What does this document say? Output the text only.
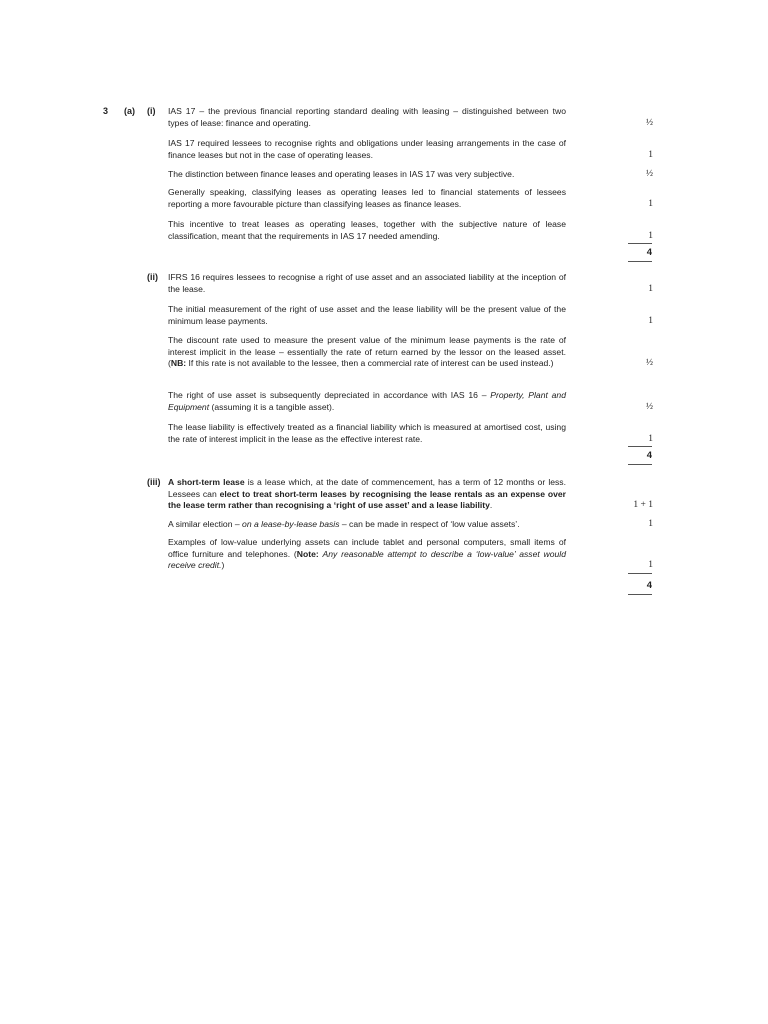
3 (a) (i) IAS 17 – the previous financial reporting standard dealing with leasing – distinguished between two types of lease: finance and operating.	½
IAS 17 required lessees to recognise rights and obligations under leasing arrangements in the case of finance leases but not in the case of operating leases.	1
The distinction between finance leases and operating leases in IAS 17 was very subjective.	½
Generally speaking, classifying leases as operating leases led to financial statements of lessees reporting a more favourable picture than classifying leases as finance leases.	1
This incentive to treat leases as operating leases, together with the subjective nature of lease classification, meant that the requirements in IAS 17 needed amending.	1
4
(ii) IFRS 16 requires lessees to recognise a right of use asset and an associated liability at the inception of the lease.	1
The initial measurement of the right of use asset and the lease liability will be the present value of the minimum lease payments.	1
The discount rate used to measure the present value of the minimum lease payments is the rate of interest implicit in the lease – essentially the rate of return earned by the lessor on the leased asset. (NB: If this rate is not available to the lessee, then a commercial rate of interest can be used instead.)	½
The right of use asset is subsequently depreciated in accordance with IAS 16 – Property, Plant and Equipment (assuming it is a tangible asset).	½
The lease liability is effectively treated as a financial liability which is measured at amortised cost, using the rate of interest implicit in the lease as the effective interest rate.	1
4
(iii) A short-term lease is a lease which, at the date of commencement, has a term of 12 months or less. Lessees can elect to treat short-term leases by recognising the lease rentals as an expense over the lease term rather than recognising a ‘right of use asset’ and a lease liability.	1 + 1
A similar election – on a lease-by-lease basis – can be made in respect of ‘low value assets’.	1
Examples of low-value underlying assets can include tablet and personal computers, small items of office furniture and telephones. (Note: Any reasonable attempt to describe a ‘low-value’ asset would receive credit.)	1
4
